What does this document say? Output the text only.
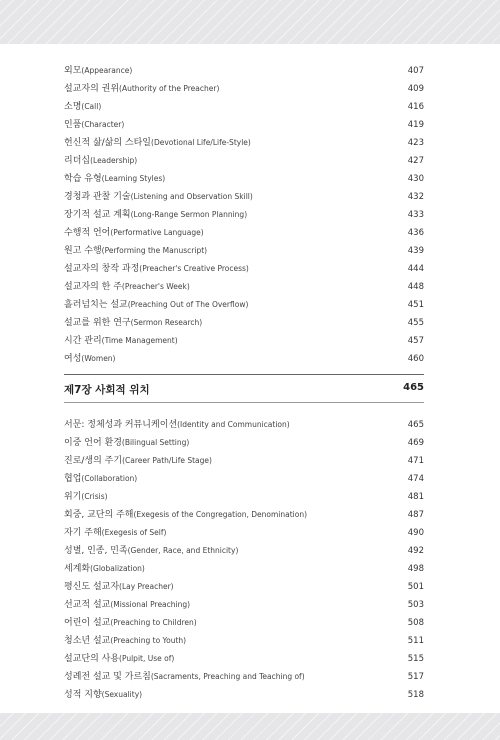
외모(Appearance)	407
설교자의 권위(Authority of the Preacher)	409
소명(Call)	416
인품(Character)	419
헌신적 삶/삶의 스타일(Devotional Life/Life-Style)	423
리더십(Leadership)	427
학습 유형(Learning Styles)	430
경청과 관찰 기술(Listening and Observation Skill)	432
장기적 설교 계획(Long-Range Sermon Planning)	433
수행적 언어(Performative Language)	436
원고 수행(Performing the Manuscript)	439
설교자의 창작 과정(Preacher's Creative Process)	444
설교자의 한 주(Preacher's Week)	448
흘러넘치는 설교(Preaching Out of The Overflow)	451
설교를 위한 연구(Sermon Research)	455
시간 관리(Time Management)	457
여성(Women)	460
제7장 사회적 위치	465
서문: 정체성과 커뮤니케이션(Identity and Communication)	465
이중 언어 환경(Bilingual Setting)	469
진로/생의 주기(Career Path/Life Stage)	471
협업(Collaboration)	474
위기(Crisis)	481
회중, 교단의 주해(Exegesis of the Congregation, Denomination)	487
자기 주해(Exegesis of Self)	490
성별, 인종, 민족(Gender, Race, and Ethnicity)	492
세계화(Globalization)	498
평신도 설교자(Lay Preacher)	501
선교적 설교(Missional Preaching)	503
어린이 설교(Preaching to Children)	508
청소년 설교(Preaching to Youth)	511
설교단의 사용(Pulpit, Use of)	515
성례전 설교 및 가르침(Sacraments, Preaching and Teaching of)	517
성적 지향(Sexuality)	518
